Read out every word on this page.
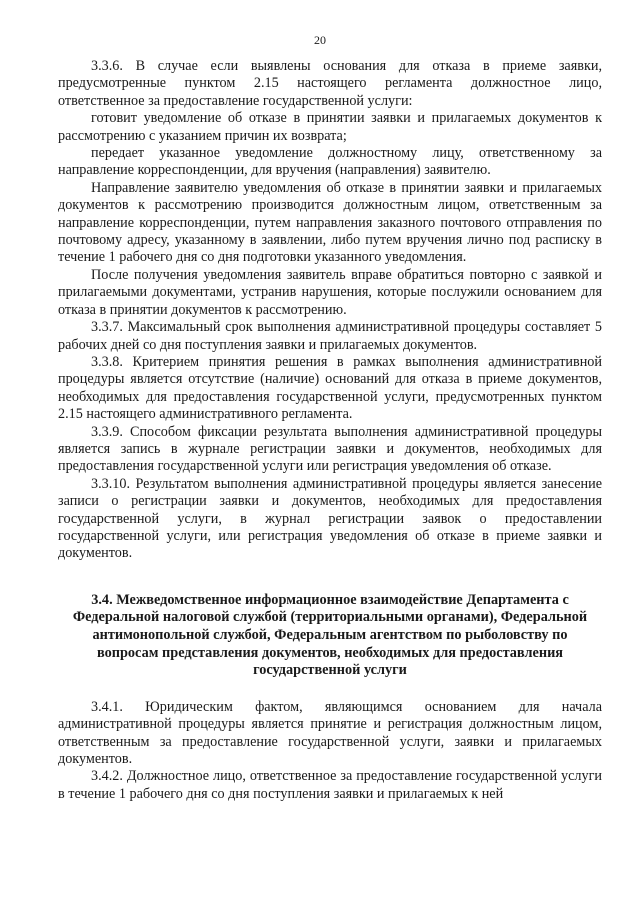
20

3.3.6. В случае если выявлены основания для отказа в приеме заявки, предусмотренные пунктом 2.15 настоящего регламента должностное лицо, ответственное за предоставление государственной услуги:

готовит уведомление об отказе в принятии заявки и прилагаемых документов к рассмотрению с указанием причин их возврата;

передает указанное уведомление должностному лицу, ответственному за направление корреспонденции, для вручения (направления) заявителю.

Направление заявителю уведомления об отказе в принятии заявки и прилагаемых документов к рассмотрению производится должностным лицом, ответственным за направление корреспонденции, путем направления заказного почтового отправления по почтовому адресу, указанному в заявлении, либо путем вручения лично под расписку в течение 1 рабочего дня со дня подготовки указанного уведомления.

После получения уведомления заявитель вправе обратиться повторно с заявкой и прилагаемыми документами, устранив нарушения, которые послужили основанием для отказа в принятии документов к рассмотрению.

3.3.7. Максимальный срок выполнения административной процедуры составляет 5 рабочих дней со дня поступления заявки и прилагаемых документов.

3.3.8. Критерием принятия решения в рамках выполнения административной процедуры является отсутствие (наличие) оснований для отказа в приеме документов, необходимых для предоставления государственной услуги, предусмотренных пунктом 2.15 настоящего административного регламента.

3.3.9. Способом фиксации результата выполнения административной процедуры является запись в журнале регистрации заявки и документов, необходимых для предоставления государственной услуги или регистрация уведомления об отказе.

3.3.10. Результатом выполнения административной процедуры является занесение записи о регистрации заявки и документов, необходимых для предоставления государственной услуги, в журнал регистрации заявок о предоставлении государственной услуги, или регистрация уведомления об отказе в приеме заявки и документов.

3.4. Межведомственное информационное взаимодействие Департамента с Федеральной налоговой службой (территориальными органами), Федеральной антимонопольной службой, Федеральным агентством по рыболовству по вопросам представления документов, необходимых для предоставления государственной услуги

3.4.1. Юридическим фактом, являющимся основанием для начала административной процедуры является принятие и регистрация должностным лицом, ответственным за предоставление государственной услуги, заявки и прилагаемых документов.

3.4.2. Должностное лицо, ответственное за предоставление государственной услуги в течение 1 рабочего дня со дня поступления заявки и прилагаемых к ней
